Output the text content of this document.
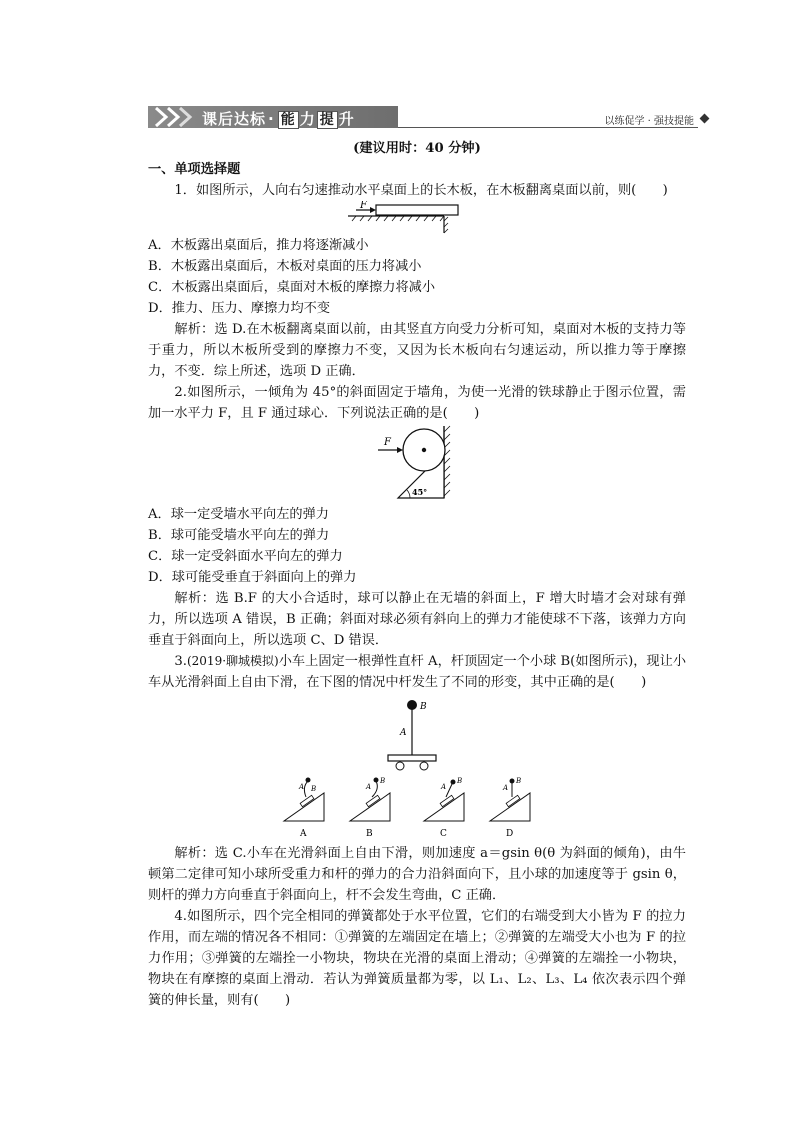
课后达标 · 能 力 提 升	以练促学 · 强技提能
(建议用时：40 分钟)
一、单项选择题

1．如图所示，人向右匀速推动水平桌面上的长木板，在木板翻离桌面以前，则(　　)

F
A．木板露出桌面后，推力将逐渐减小
B．木板露出桌面后，木板对桌面的压力将减小
C．木板露出桌面后，桌面对木板的摩擦力将减小
D．推力、压力、摩擦力均不变

解析：选 D.在木板翻离桌面以前，由其竖直方向受力分析可知，桌面对木板的支持力等于重力，所以木板所受到的摩擦力不变，又因为长木板向右匀速运动，所以推力等于摩擦力，不变．综上所述，选项 D 正确．

2.如图所示，一倾角为 45°的斜面固定于墙角，为使一光滑的铁球静止于图示位置，需加一水平力 F，且 F 通过球心．下列说法正确的是(　　)

F
45°
A．球一定受墙水平向左的弹力
B．球可能受墙水平向左的弹力
C．球一定受斜面水平向左的弹力
D．球可能受垂直于斜面向上的弹力

解析：选 B.F 的大小合适时，球可以静止在无墙的斜面上，F 增大时墙才会对球有弹力，所以选项 A 错误，B 正确；斜面对球必须有斜向上的弹力才能使球不下落，该弹力方向垂直于斜面向上，所以选项 C、D 错误．

3.(2019·聊城模拟)小车上固定一根弹性直杆 A，杆顶固定一个小球 B(如图所示)，现让小车从光滑斜面上自由下滑，在下图的情况中杆发生了不同的形变，其中正确的是(　　)

B
A
B
A
B
A
B
A
B
A
A	B	C	D

解析：选 C.小车在光滑斜面上自由下滑，则加速度 a＝gsin θ(θ 为斜面的倾角)，由牛顿第二定律可知小球所受重力和杆的弹力的合力沿斜面向下，且小球的加速度等于 gsin θ，则杆的弹力方向垂直于斜面向上，杆不会发生弯曲，C 正确．

4.如图所示，四个完全相同的弹簧都处于水平位置，它们的右端受到大小皆为 F 的拉力作用，而左端的情况各不相同：①弹簧的左端固定在墙上；②弹簧的左端受大小也为 F 的拉力作用；③弹簧的左端拴一小物块，物块在光滑的桌面上滑动；④弹簧的左端拴一小物块，物块在有摩擦的桌面上滑动．若认为弹簧质量都为零，以 L₁、L₂、L₃、L₄ 依次表示四个弹簧的伸长量，则有(　　)
